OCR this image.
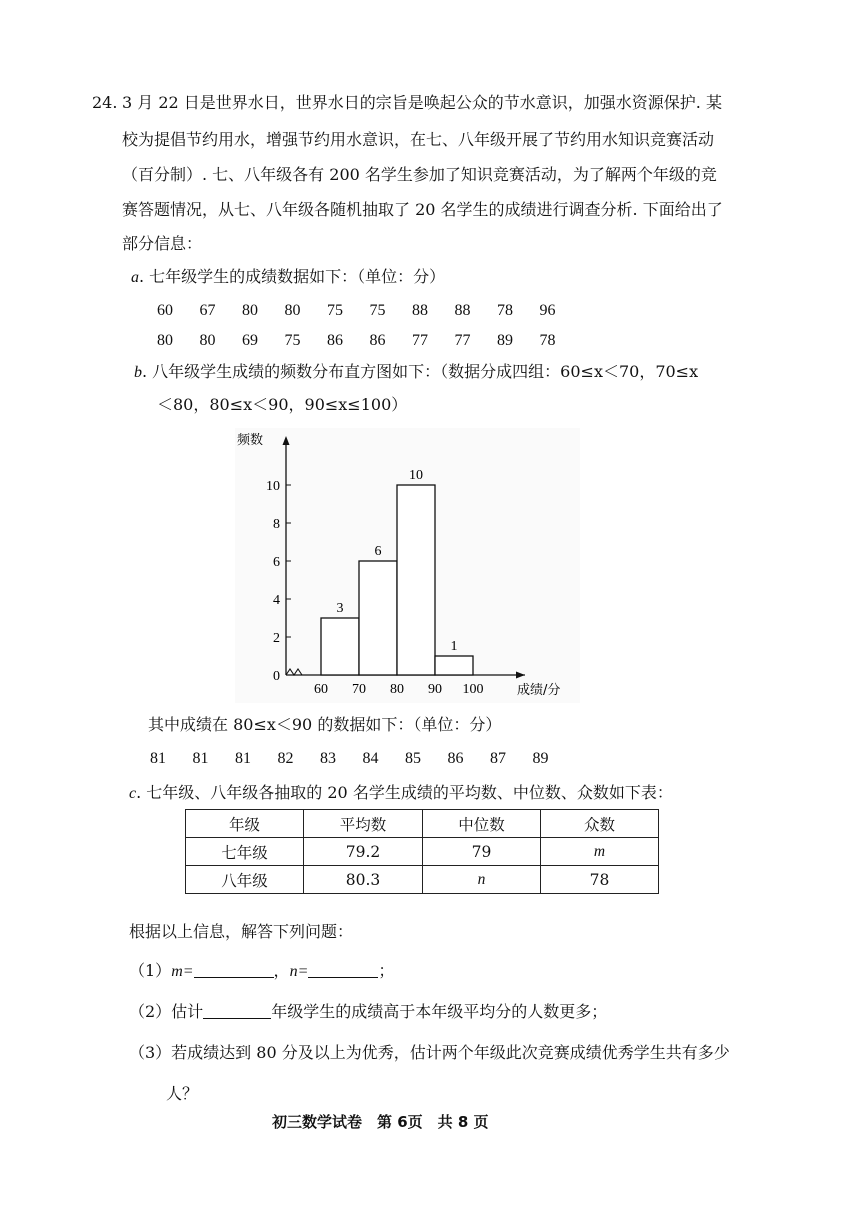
24. 3 月 22 日是世界水日，世界水日的宗旨是唤起公众的节水意识，加强水资源保护. 某
校为提倡节约用水，增强节约用水意识，在七、八年级开展了节约用水知识竞赛活动
（百分制）. 七、八年级各有 200 名学生参加了知识竞赛活动，为了解两个年级的竞
赛答题情况，从七、八年级各随机抽取了 20 名学生的成绩进行调查分析. 下面给出了
部分信息：
a. 七年级学生的成绩数据如下：（单位：分）
60 67 80 80 75 75 88 88 78 96
80 80 69 75 86 86 77 77 89 78
b. 八年级学生成绩的频数分布直方图如下：（数据分成四组：60≤x＜70，70≤x
＜80，80≤x＜90，90≤x≤100）
0
2
4
6
8
10
3
6
10
1
60 70 80 90 100
频数
成绩/分
其中成绩在 80≤x＜90 的数据如下：（单位：分）
81 81 81 82 83 84 85 86 87 89
c. 七年级、八年级各抽取的 20 名学生成绩的平均数、中位数、众数如下表：
年级	平均数	中位数	众数
七年级	79.2	79	m
八年级	80.3	n	78
根据以上信息，解答下列问题：
（1）m=	，n=	；
（2）估计	年级学生的成绩高于本年级平均分的人数更多；
（3）若成绩达到 80 分及以上为优秀，估计两个年级此次竞赛成绩优秀学生共有多少
人？
初三数学试卷　第 6页　共 8 页
